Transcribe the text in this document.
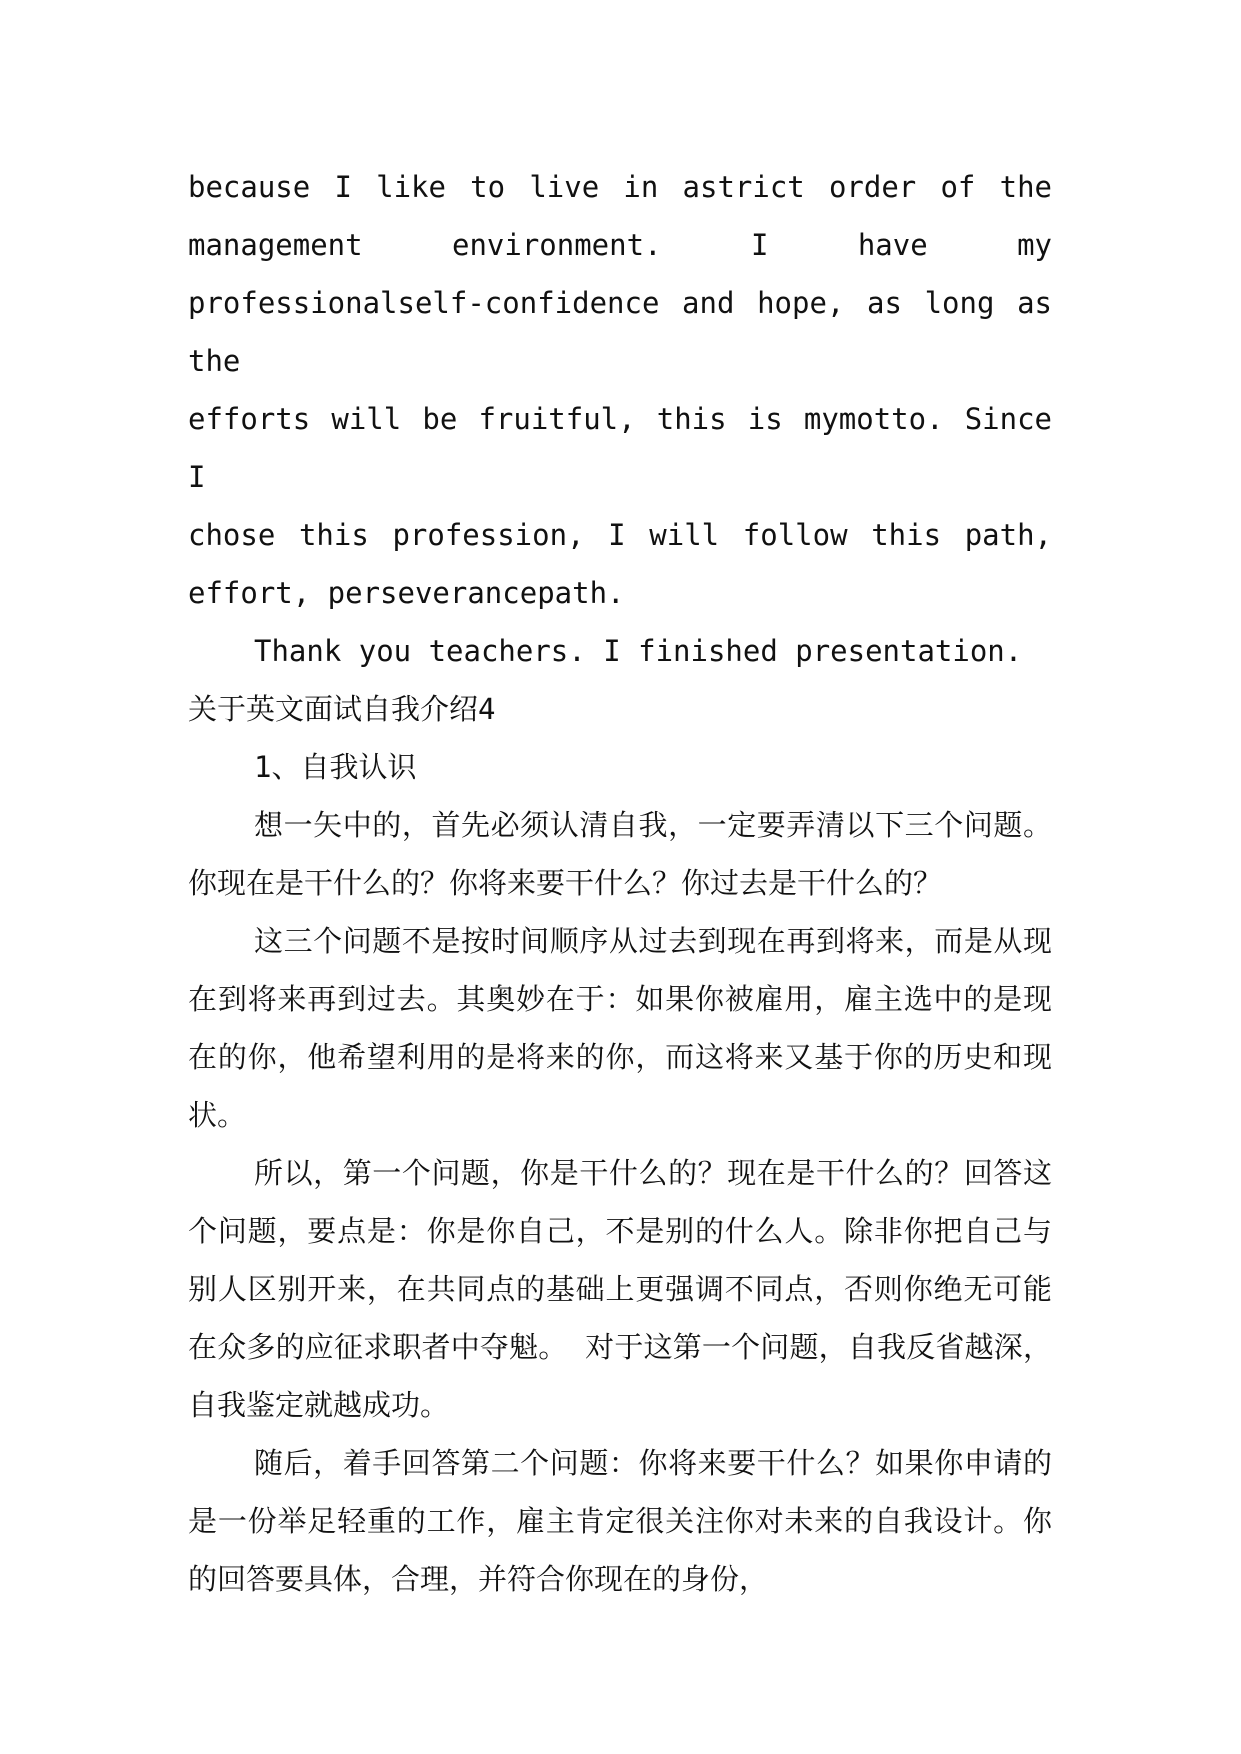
because I like to live in astrict order of the
management environment. I have my
professionalself-confidence and hope, as long as the
efforts will be fruitful, this is mymotto. Since I
chose this profession, I will follow this path,
effort, perseverancepath.

Thank you teachers. I finished presentation.

关于英文面试自我介绍4

1、自我认识

想一矢中的，首先必须认清自我，一定要弄清以下三个问题。 你现在是干什么的？你将来要干什么？你过去是干什么的？

这三个问题不是按时间顺序从过去到现在再到将来，而是从现在到将来再到过去。其奥妙在于：如果你被雇用，雇主选中的是现在的你，他希望利用的是将来的你，而这将来又基于你的历史和现状。

所以，第一个问题，你是干什么的？现在是干什么的？回答这个问题，要点是：你是你自己，不是别的什么人。除非你把自己与别人区别开来，在共同点的基础上更强调不同点，否则你绝无可能在众多的应征求职者中夺魁。 对于这第一个问题，自我反省越深，自我鉴定就越成功。

随后，着手回答第二个问题：你将来要干什么？如果你申请的是一份举足轻重的工作，雇主肯定很关注你对未来的自我设计。你的回答要具体，合理，并符合你现在的身份，
